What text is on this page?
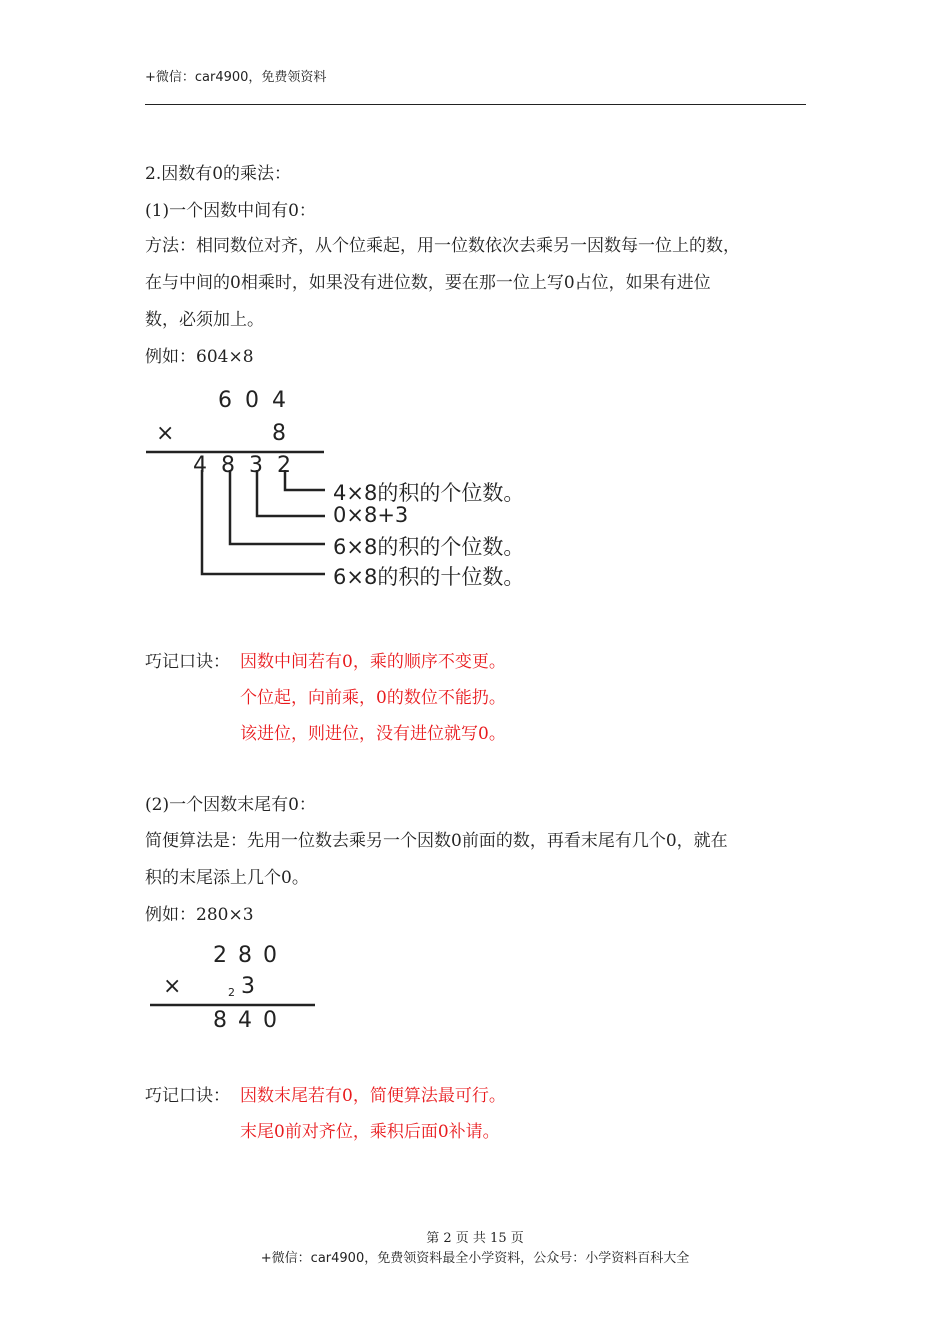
+微信：car4900，免费领资料
2.因数有0的乘法：
(1)一个因数中间有0：
方法：相同数位对齐，从个位乘起，用一位数依次去乘另一因数每一位上的数，
在与中间的0相乘时，如果没有进位数，要在那一位上写0占位，如果有进位
数，必须加上。
例如：604×8
6 0 4
×	8
4 8 3 2
4×8的积的个位数。
0×8+3
6×8的积的个位数。
6×8的积的十位数。
巧记口诀： 因数中间若有0，乘的顺序不变更。
个位起，向前乘，0的数位不能扔。
该进位，则进位，没有进位就写0。
(2)一个因数末尾有0：
简便算法是：先用一位数去乘另一个因数0前面的数，再看末尾有几个0，就在
积的末尾添上几个0。
例如：280×3
2 8 0
×	2 3
8 4 0
巧记口诀： 因数末尾若有0，简便算法最可行。
末尾0前对齐位，乘积后面0补请。
第 2 页 共 15 页
+微信：car4900，免费领资料最全小学资料，公众号：小学资料百科大全
